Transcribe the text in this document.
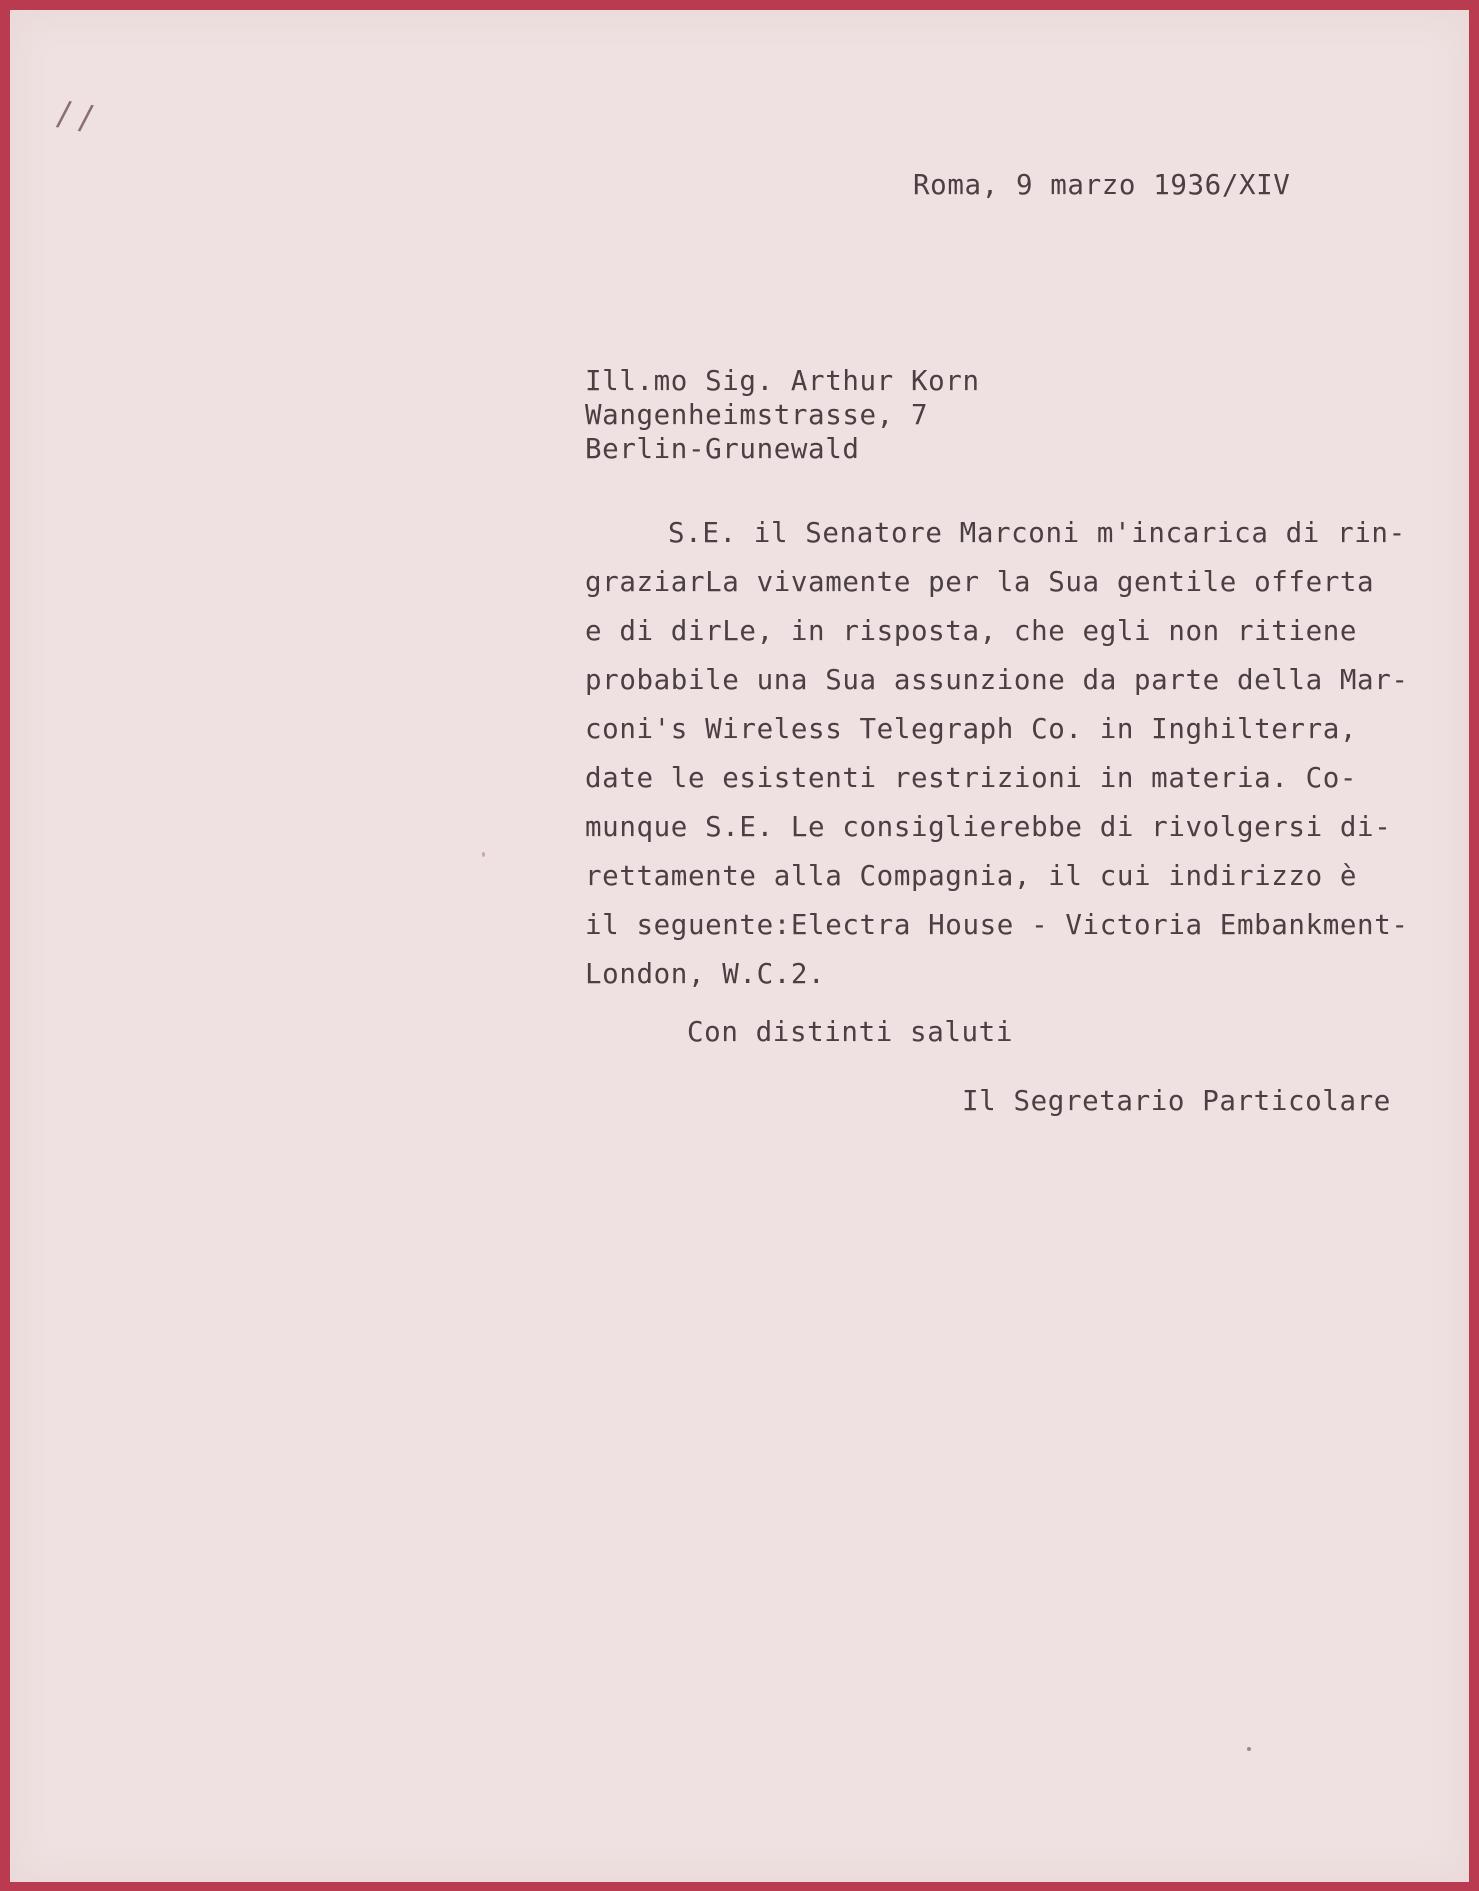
/ /
Roma, 9 marzo 1936/XIV
Ill.mo Sig. Arthur Korn
Wangenheimstrasse, 7
Berlin-Grunewald
S.E. il Senatore Marconi m'incarica di rin-
graziarLa vivamente per la Sua gentile offerta
e di dirLe, in risposta, che egli non ritiene
probabile una Sua assunzione da parte della Mar-
coni's Wireless Telegraph Co. in Inghilterra,
date le esistenti restrizioni in materia. Co-
munque S.E. Le consiglierebbe di rivolgersi di-
rettamente alla Compagnia, il cui indirizzo è
il seguente:Electra House - Victoria Embankment-
London, W.C.2.
Con distinti saluti
Il Segretario Particolare
